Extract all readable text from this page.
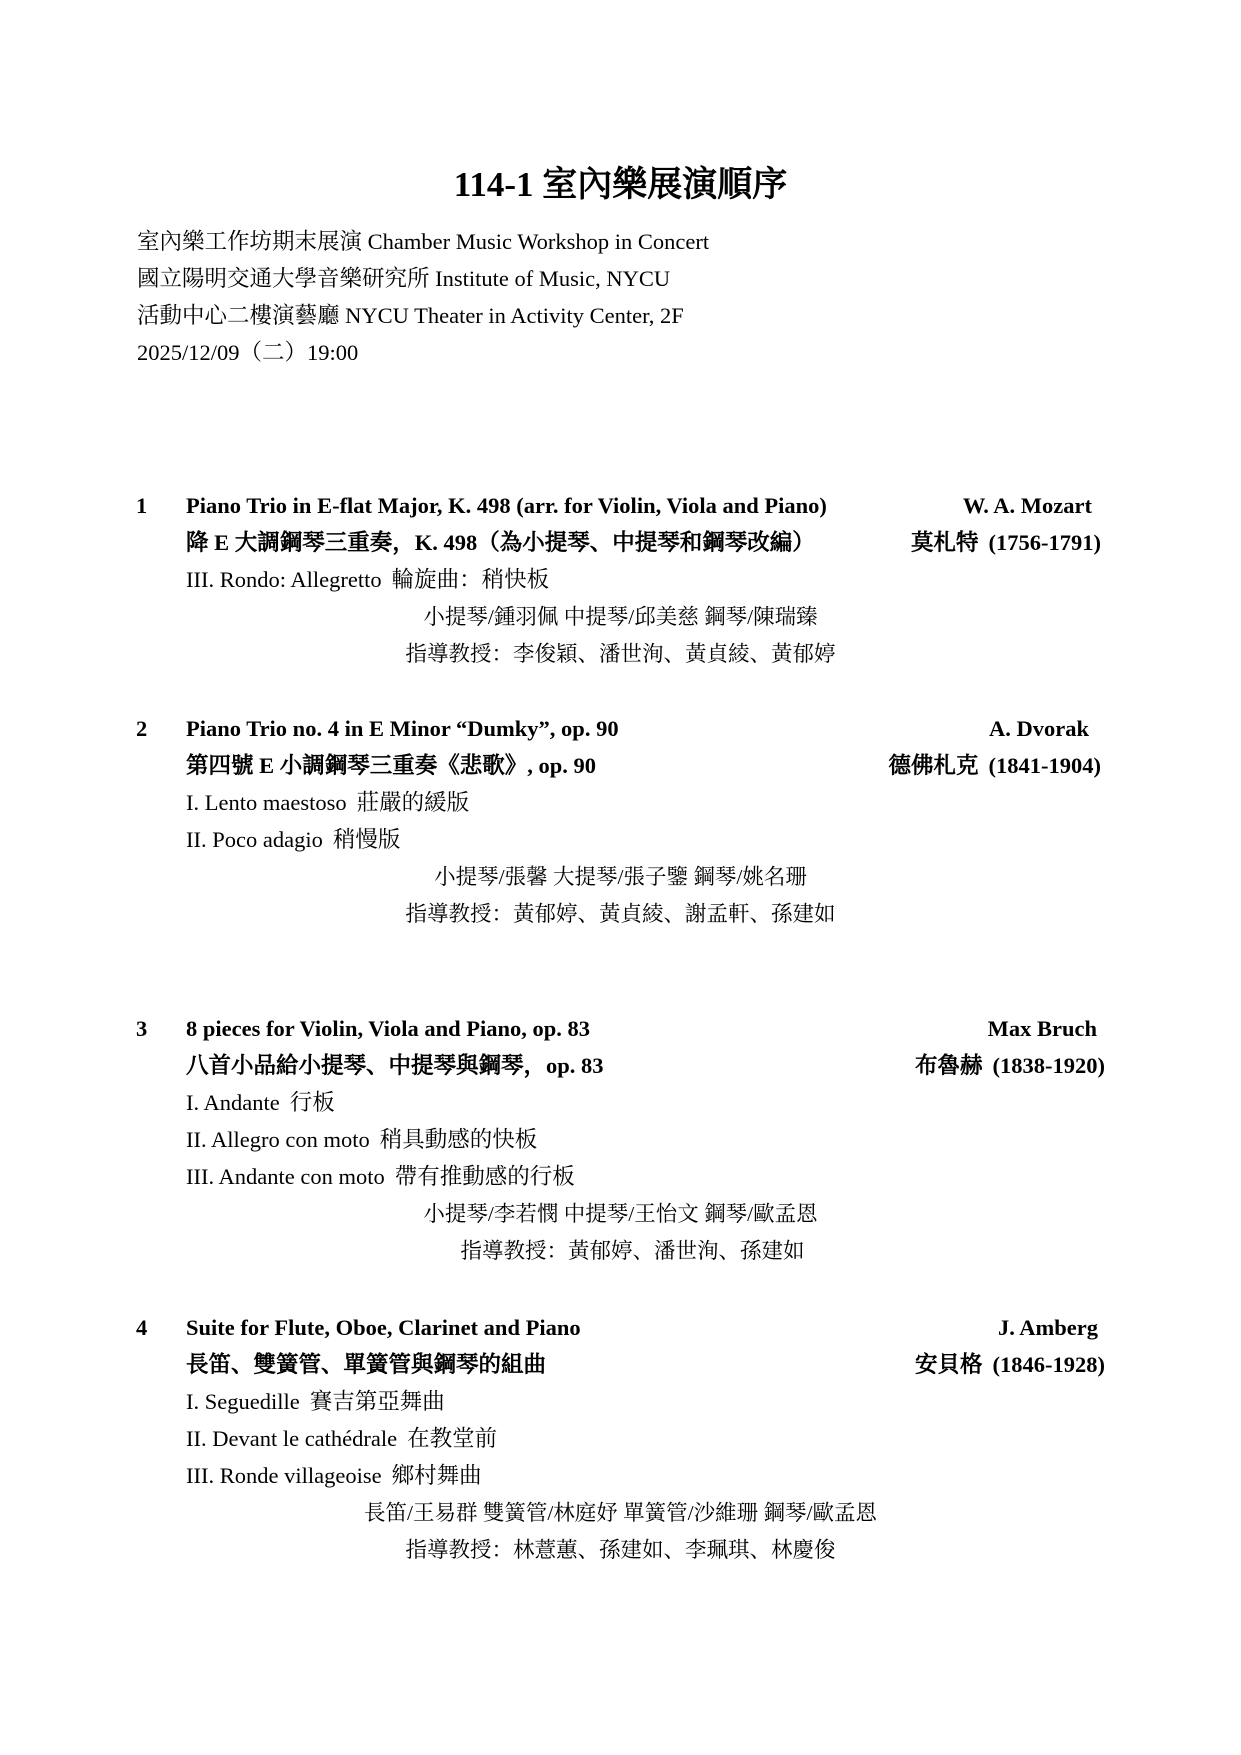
114-1 室內樂展演順序
室內樂工作坊期末展演 Chamber Music Workshop in Concert
國立陽明交通大學音樂研究所 Institute of Music, NYCU
活動中心二樓演藝廳 NYCU Theater in Activity Center, 2F
2025/12/09（二）19:00
1 Piano Trio in E-flat Major, K. 498 (arr. for Violin, Viola and Piano)	W. A. Mozart
降 E 大調鋼琴三重奏，K. 498（為小提琴、中提琴和鋼琴改編）	莫札特 (1756-1791)
III. Rondo: Allegretto 輪旋曲：稍快板
小提琴/鍾羽佩 中提琴/邱美慈 鋼琴/陳瑞臻
指導教授：李俊穎、潘世洵、黃貞綾、黃郁婷
2 Piano Trio no. 4 in E Minor “Dumky”, op. 90	A. Dvorak
第四號 E 小調鋼琴三重奏《悲歌》, op. 90	德佛札克 (1841-1904)
I. Lento maestoso 莊嚴的緩版
II. Poco adagio 稍慢版
小提琴/張馨 大提琴/張子鑒 鋼琴/姚名珊
指導教授：黃郁婷、黃貞綾、謝孟軒、孫建如
3 8 pieces for Violin, Viola and Piano, op. 83	Max Bruch
八首小品給小提琴、中提琴與鋼琴，op. 83	布魯赫 (1838-1920)
I. Andante 行板
II. Allegro con moto 稍具動感的快板
III. Andante con moto 帶有推動感的行板
小提琴/李若憫 中提琴/王怡文 鋼琴/歐孟恩
指導教授：黃郁婷、潘世洵、孫建如
4 Suite for Flute, Oboe, Clarinet and Piano	J. Amberg
長笛、雙簧管、單簧管與鋼琴的組曲	安貝格 (1846-1928)
I. Seguedille 賽吉第亞舞曲
II. Devant le cathédrale 在教堂前
III. Ronde villageoise 鄉村舞曲
長笛/王易群 雙簧管/林庭妤 單簧管/沙維珊 鋼琴/歐孟恩
指導教授：林薏蕙、孫建如、李珮琪、林慶俊
